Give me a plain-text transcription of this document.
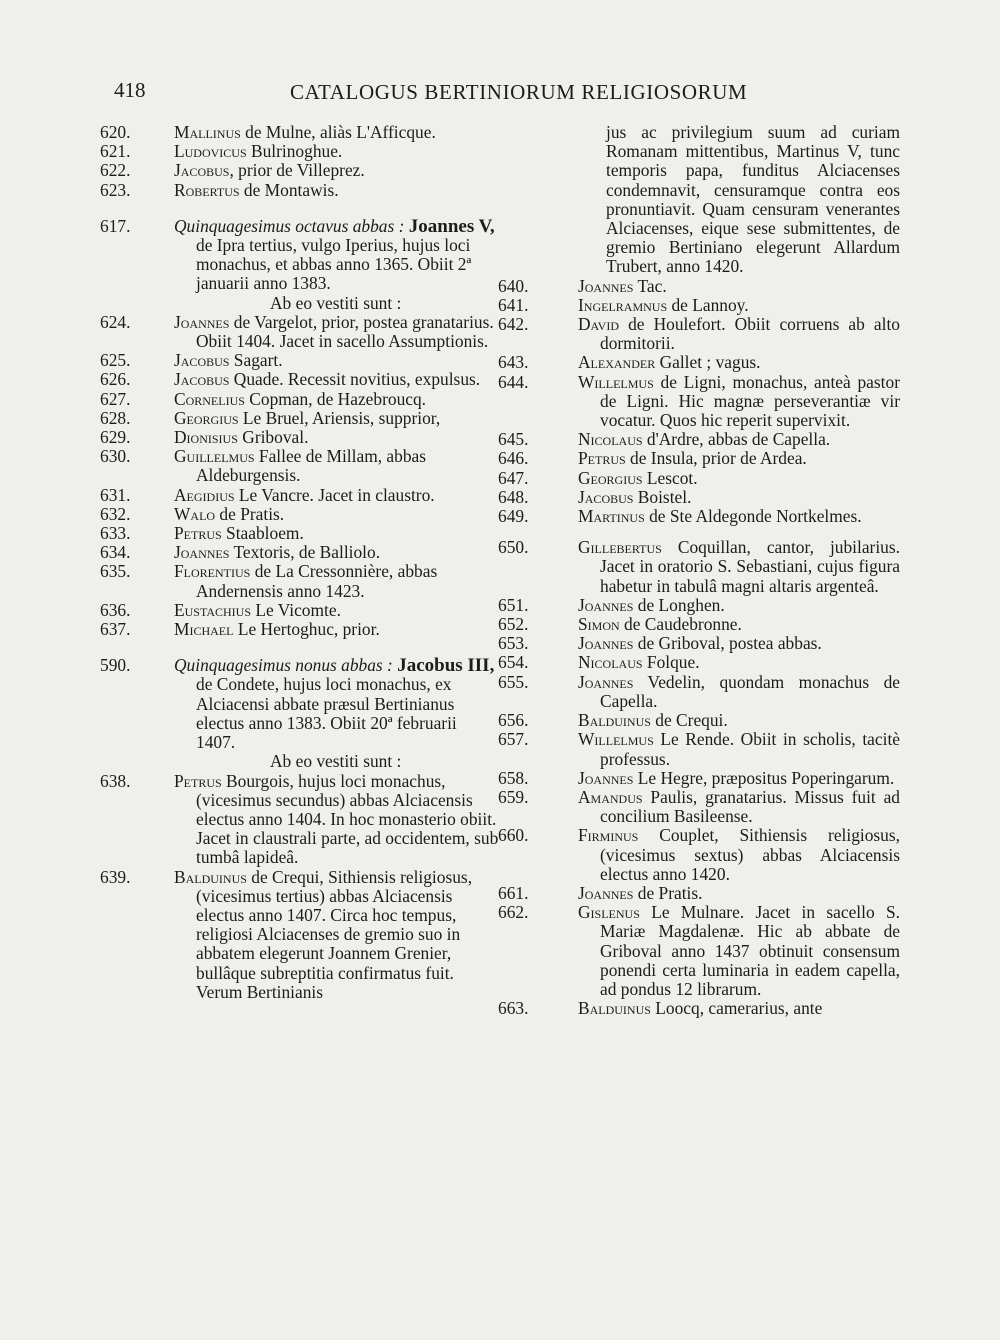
418	CATALOGUS BERTINIORUM RELIGIOSORUM
620.	Mallinus de Mulne, aliàs L'Afficque.
621.	Ludovicus Bulrinoghue.
622.	Jacobus, prior de Villeprez.
623.	Robertus de Montawis.
617.	Quinquagesimus octavus abbas : Joannes V, de Ipra tertius, vulgo Iperius, hujus loci monachus, et abbas anno 1365. Obiit 2ª januarii anno 1383.
Ab eo vestiti sunt :
624.	Joannes de Vargelot, prior, postea granatarius. Obiit 1404. Jacet in sacello Assumptionis.
625.	Jacobus Sagart.
626.	Jacobus Quade. Recessit novitius, expulsus.
627.	Cornelius Copman, de Hazebroucq.
628.	Georgius Le Bruel, Ariensis, supprior,
629.	Dionisius Griboval.
630.	Guillelmus Fallee de Millam, abbas Aldeburgensis.
631.	Aegidius Le Vancre. Jacet in claustro.
632.	Walo de Pratis.
633.	Petrus Staabloem.
634.	Joannes Textoris, de Balliolo.
635.	Florentius de La Cressonnière, abbas Andernensis anno 1423.
636.	Eustachius Le Vicomte.
637.	Michael Le Hertoghuc, prior.
590.	Quinquagesimus nonus abbas : Jacobus III, de Condete, hujus loci monachus, ex Alciacensi abbate præsul Bertinianus electus anno 1383. Obiit 20ª februarii 1407.
Ab eo vestiti sunt :
638.	Petrus Bourgois, hujus loci monachus, (vicesimus secundus) abbas Alciacensis electus anno 1404. In hoc monasterio obiit. Jacet in claustrali parte, ad occidentem, sub tumbâ lapideâ.
639.	Balduinus de Crequi, Sithiensis religiosus, (vicesimus tertius) abbas Alciacensis electus anno 1407. Circa hoc tempus, religiosi Alciacenses de gremio suo in abbatem elegerunt Joannem Grenier, bullâque subreptitia confirmatus fuit. Verum Bertinianis
jus ac privilegium suum ad curiam Romanam mittentibus, Martinus V, tunc temporis papa, funditus Alciacenses condemnavit, censuramque contra eos pronuntiavit. Quam censuram venerantes Alciacenses, eique sese submittentes, de gremio Bertiniano elegerunt Allardum Trubert, anno 1420.
640.	Joannes Tac.
641.	Ingelramnus de Lannoy.
642.	David de Houlefort. Obiit corruens ab alto dormitorii.
643.	Alexander Gallet ; vagus.
644.	Willelmus de Ligni, monachus, anteà pastor de Ligni. Hic magnæ perseverantiæ vir vocatur. Quos hic reperit supervixit.
645.	Nicolaus d'Ardre, abbas de Capella.
646.	Petrus de Insula, prior de Ardea.
647.	Georgius Lescot.
648.	Jacobus Boistel.
649.	Martinus de Ste Aldegonde Nortkelmes.
650.	Gillebertus Coquillan, cantor, jubilarius. Jacet in oratorio S. Sebastiani, cujus figura habetur in tabulâ magni altaris argenteâ.
651.	Joannes de Longhen.
652.	Simon de Caudebronne.
653.	Joannes de Griboval, postea abbas.
654.	Nicolaus Folque.
655.	Joannes Vedelin, quondam monachus de Capella.
656.	Balduinus de Crequi.
657.	Willelmus Le Rende. Obiit in scholis, tacitè professus.
658.	Joannes Le Hegre, præpositus Poperingarum.
659.	Amandus Paulis, granatarius. Missus fuit ad concilium Basileense.
660.	Firminus Couplet, Sithiensis religiosus, (vicesimus sextus) abbas Alciacensis electus anno 1420.
661.	Joannes de Pratis.
662.	Gislenus Le Mulnare. Jacet in sacello S. Mariæ Magdalenæ. Hic ab abbate de Griboval anno 1437 obtinuit consensum ponendi certa luminaria in eadem capella, ad pondus 12 librarum.
663.	Balduinus Loocq, camerarius, ante
